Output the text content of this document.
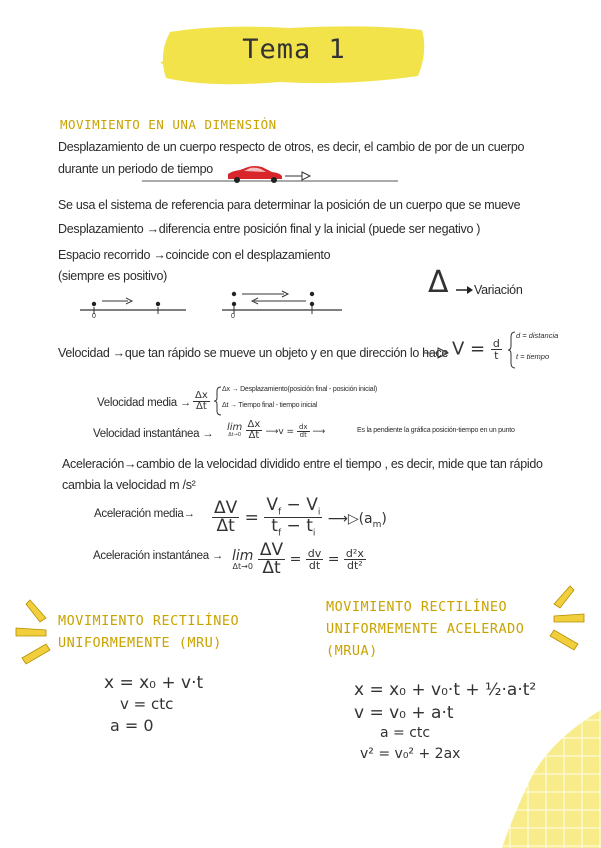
Tema 1
MOVIMIENTO EN UNA DIMENSIÓN
Desplazamiento de un cuerpo respecto de otros, es decir, el cambio de por de un cuerpo durante un periodo de tiempo
Se usa el sistema de referencia para determinar la posición de un cuerpo que se mueve
Desplazamiento →diferencia entre posición final y la inicial (puede ser negativo )
Espacio recorrido →coincide con el desplazamiento
(siempre es positivo)
0	0
Δ Variación
Velocidad →que tan rápido se mueve un objeto y en que dirección lo hace $V = \frac{d}{t}$
d = distancia
t = tiempo
Velocidad media → $\frac{\Delta x}{\Delta t}$
Δx → Desplazamiento(posición final - posición inicial)
Δt → Tiempo final - tiempo inicial
Velocidad instantánea →
lim
Δt→0
$\frac{\Delta x}{\Delta t}$ ⟶v = $\frac{dx}{dt}$ ⟶	Es la pendiente la gráfica posición-tiempo en un punto
Aceleración→cambio de la velocidad dividido entre el tiempo , es decir, mide que tan rápido
cambia la velocidad m /s²
Aceleración media→ $\frac{\Delta V}{\Delta t} = \frac{V_f - V_i}{t_f - t_i}$ $⟶▷(a_m)$
Aceleración instantánea → lim
Δt→0
$\frac{\Delta V}{\Delta t} = \frac{dv}{dt} = \frac{\text{d²x}}{\text{dt²}}$
MOVIMIENTO RECTILÍNEO
UNIFORMEMENTE (MRU)
x = x₀ + v·t
v = ctc
a = 0
MOVIMIENTO RECTILÍNEO
UNIFORMEMENTE ACELERADO
(MRUA)
x = x₀ + v₀·t + ½·a·t²
v = v₀ + a·t
a = ctc
v² = v₀² + 2ax
